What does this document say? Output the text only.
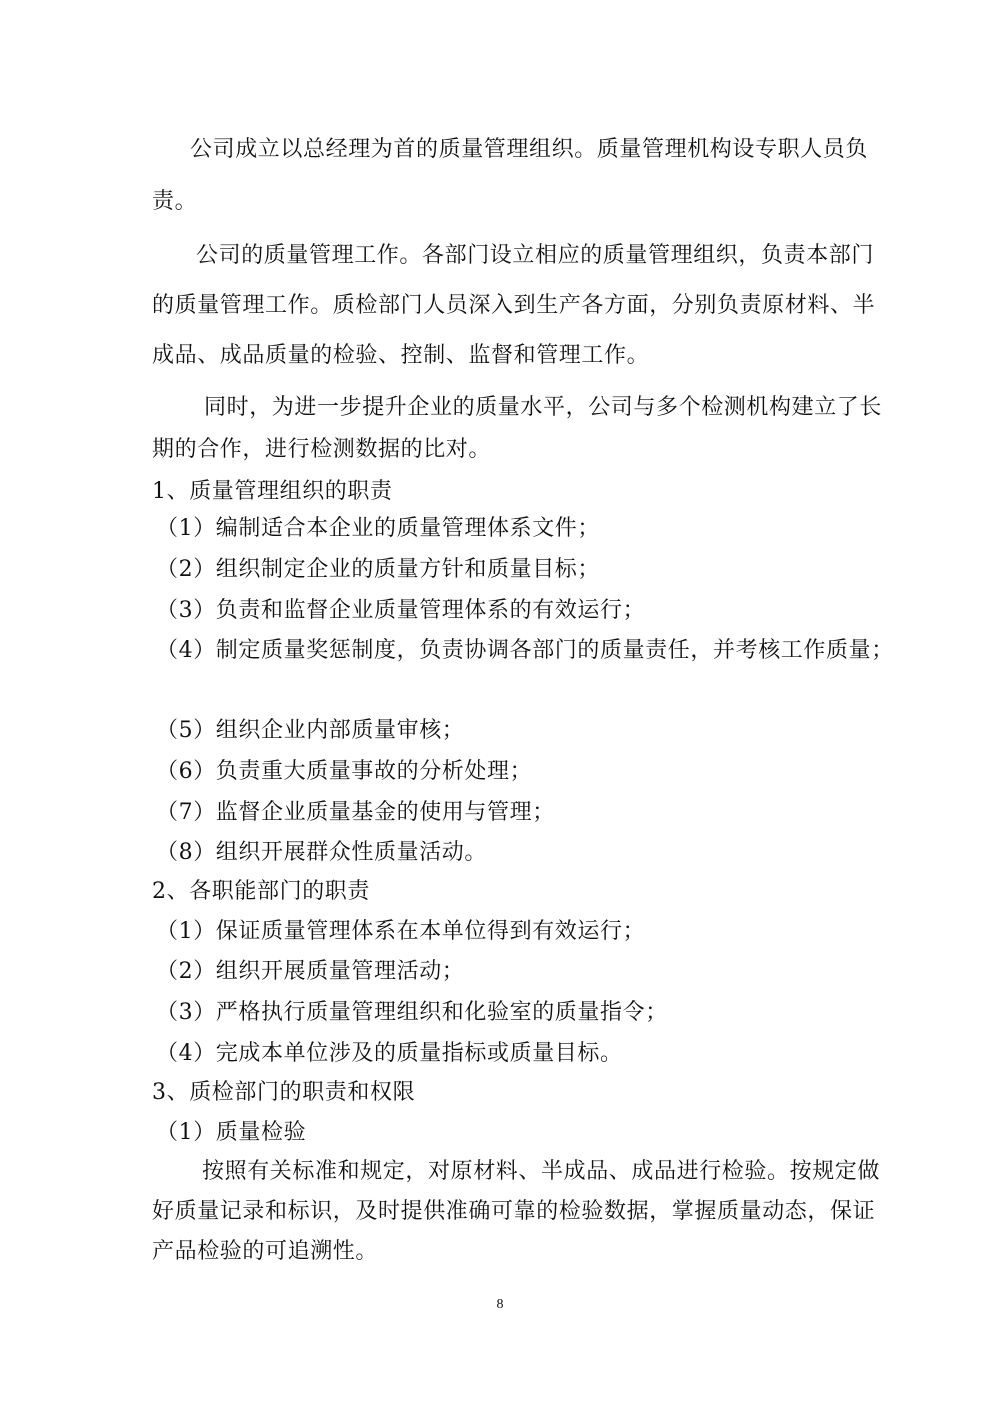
公司成立以总经理为首的质量管理组织。质量管理机构设专职人员负
责。
公司的质量管理工作。各部门设立相应的质量管理组织，负责本部门
的质量管理工作。质检部门人员深入到生产各方面，分别负责原材料、半
成品、成品质量的检验、控制、监督和管理工作。
同时，为进一步提升企业的质量水平，公司与多个检测机构建立了长
期的合作，进行检测数据的比对。
1、质量管理组织的职责
（1）编制适合本企业的质量管理体系文件；
（2）组织制定企业的质量方针和质量目标；
（3）负责和监督企业质量管理体系的有效运行；
（4）制定质量奖惩制度，负责协调各部门的质量责任，并考核工作质量；
（5）组织企业内部质量审核；
（6）负责重大质量事故的分析处理；
（7）监督企业质量基金的使用与管理；
（8）组织开展群众性质量活动。
2、各职能部门的职责
（1）保证质量管理体系在本单位得到有效运行；
（2）组织开展质量管理活动；
（3）严格执行质量管理组织和化验室的质量指令；
（4）完成本单位涉及的质量指标或质量目标。
3、质检部门的职责和权限
（1）质量检验
按照有关标准和规定，对原材料、半成品、成品进行检验。按规定做
好质量记录和标识，及时提供准确可靠的检验数据，掌握质量动态，保证
产品检验的可追溯性。
8
